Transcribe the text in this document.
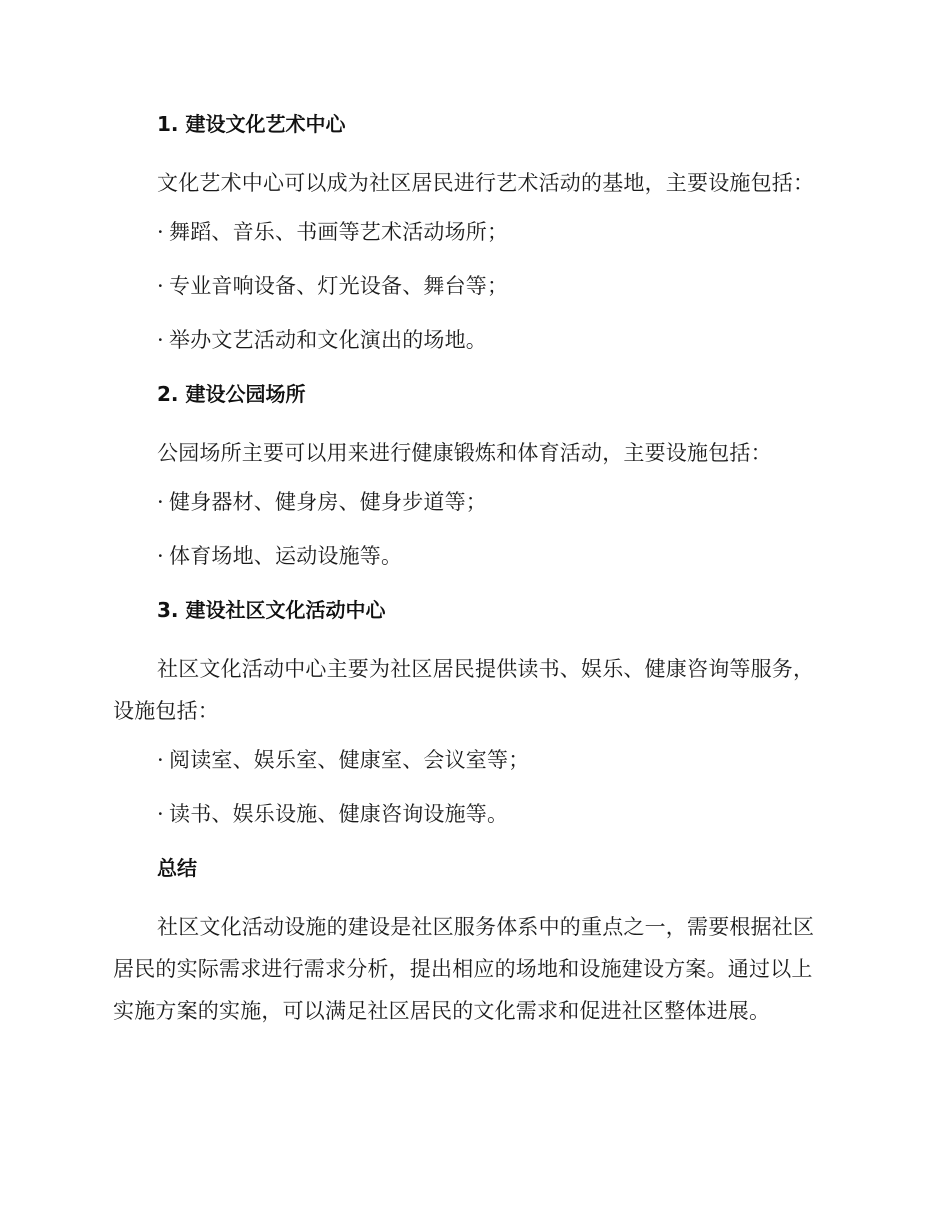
1. 建设文化艺术中心
文化艺术中心可以成为社区居民进行艺术活动的基地，主要设施包括：
· 舞蹈、音乐、书画等艺术活动场所；
· 专业音响设备、灯光设备、舞台等；
· 举办文艺活动和文化演出的场地。
2. 建设公园场所
公园场所主要可以用来进行健康锻炼和体育活动，主要设施包括：
· 健身器材、健身房、健身步道等；
· 体育场地、运动设施等。
3. 建设社区文化活动中心
社区文化活动中心主要为社区居民提供读书、娱乐、健康咨询等服务，设施包括：
· 阅读室、娱乐室、健康室、会议室等；
· 读书、娱乐设施、健康咨询设施等。
总结
社区文化活动设施的建设是社区服务体系中的重点之一，需要根据社区居民的实际需求进行需求分析，提出相应的场地和设施建设方案。通过以上实施方案的实施，可以满足社区居民的文化需求和促进社区整体进展。
